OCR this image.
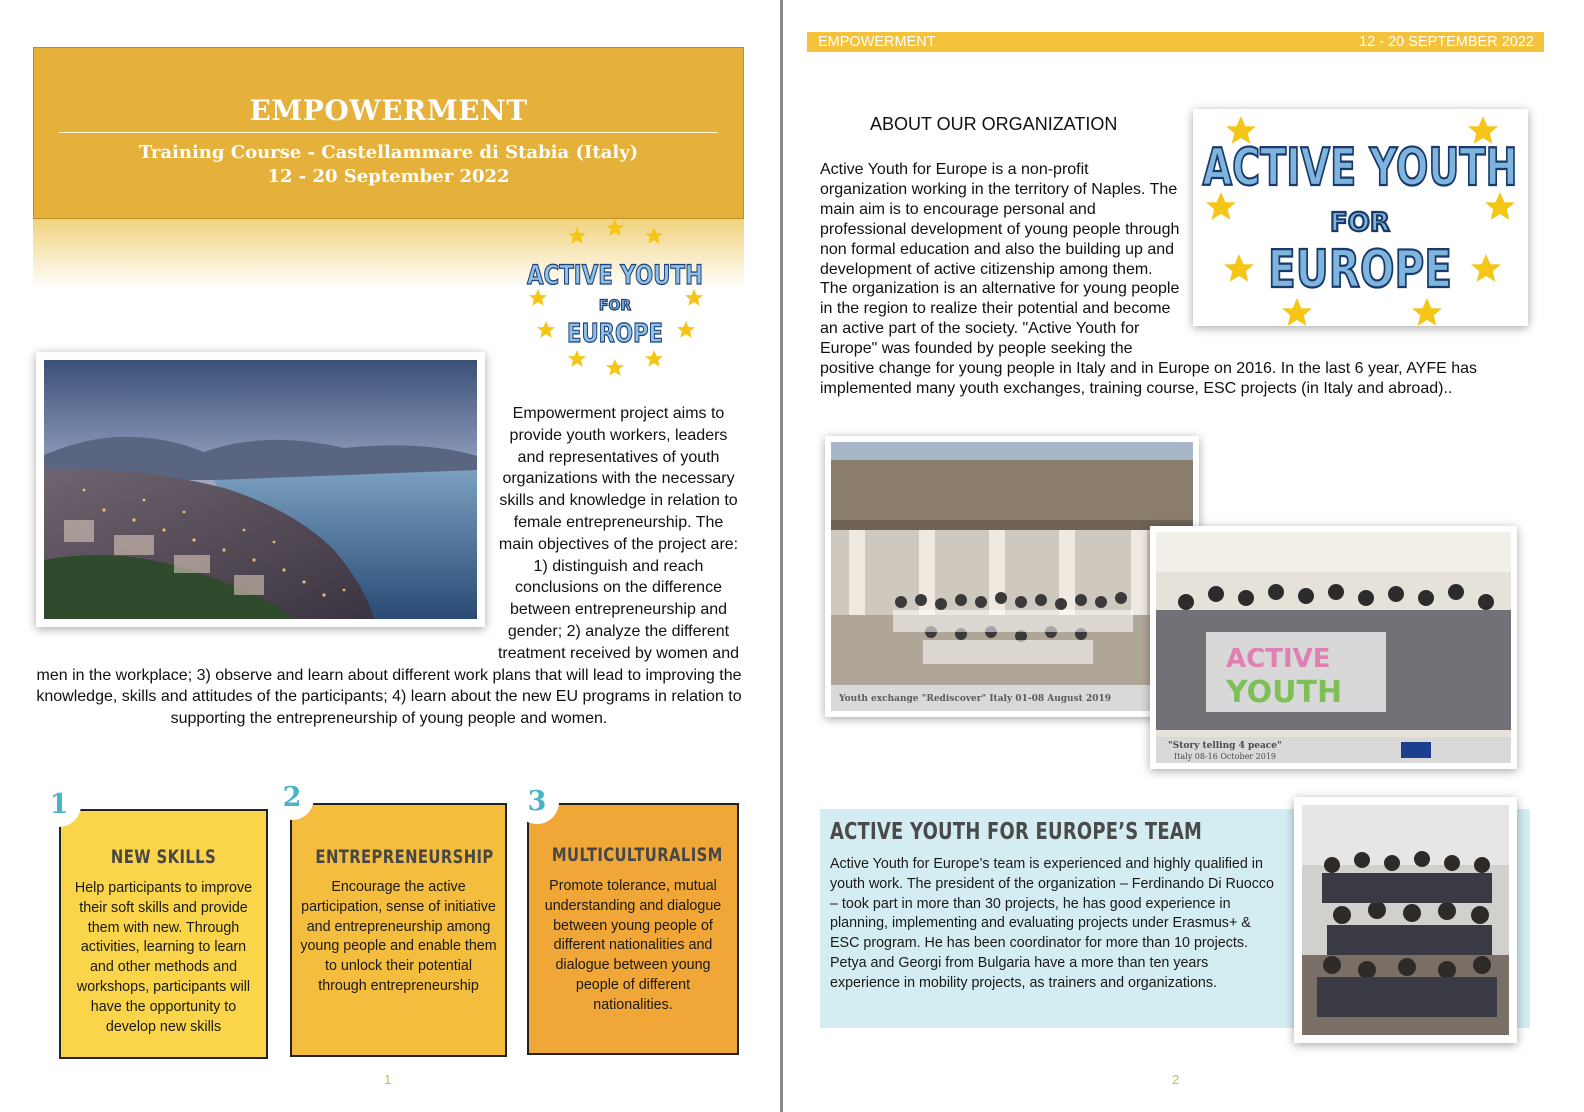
EMPOWERMENT
Training Course - Castellammare di Stabia (Italy)
12 - 20 September 2022
ACTIVE YOUTH
FOR
EUROPE
Empowerment project aims to provide youth workers, leaders and representatives of youth organizations with the necessary skills and knowledge in relation to female entrepreneurship. The main objectives of the project are: 1) distinguish and reach conclusions on the difference between entrepreneurship and gender; 2) analyze the different treatment received by women and men in the workplace; 3) observe and learn about different work plans that will lead to improving the knowledge, skills and attitudes of the participants; 4) learn about the new EU programs in relation to supporting the entrepreneurship of young people and women.
NEW SKILLS
Help participants to improve their soft skills and provide them with new. Through activities, learning to learn and other methods and workshops, participants will have the opportunity to develop new skills
1
ENTREPRENEURSHIP
Encourage the active participation, sense of initiative and entrepreneurship among young people and enable them to unlock their potential through entrepreneurship
2
MULTICULTURALISM
Promote tolerance, mutual understanding and dialogue between young people of different nationalities and dialogue between young people of different nationalities.
3
1
EMPOWERMENT	12 - 20 SEPTEMBER 2022
ABOUT OUR ORGANIZATION
Active Youth for Europe is a non-profit organization working in the territory of Naples. The main aim is to encourage personal and professional development of young people through non formal education and also the building up and development of active citizenship among them. The organization is an alternative for young people in the region to realize their potential and become an active part of the society. "Active Youth for Europe" was founded by people seeking the positive change for young people in Italy and in Europe on 2016. In the last 6 year, AYFE has implemented many youth exchanges, training course, ESC projects (in Italy and abroad)..
ACTIVE YOUTH
FOR
EUROPE
Youth exchange "Rediscover" Italy 01-08 August 2019
ACTIVE
YOUTH
"Story telling 4 peace"
Italy 08-16 October 2019
ACTIVE YOUTH FOR EUROPE’S TEAM
Active Youth for Europe’s team is experienced and highly qualified in youth work. The president of the organization – Ferdinando Di Ruocco – took part in more than 30 projects, he has good experience in planning, implementing and evaluating projects under Erasmus+ & ESC program. He has been coordinator for more than 10 projects. Petya and Georgi from Bulgaria have a more than ten years experience in mobility projects, as trainers and organizations.
2
